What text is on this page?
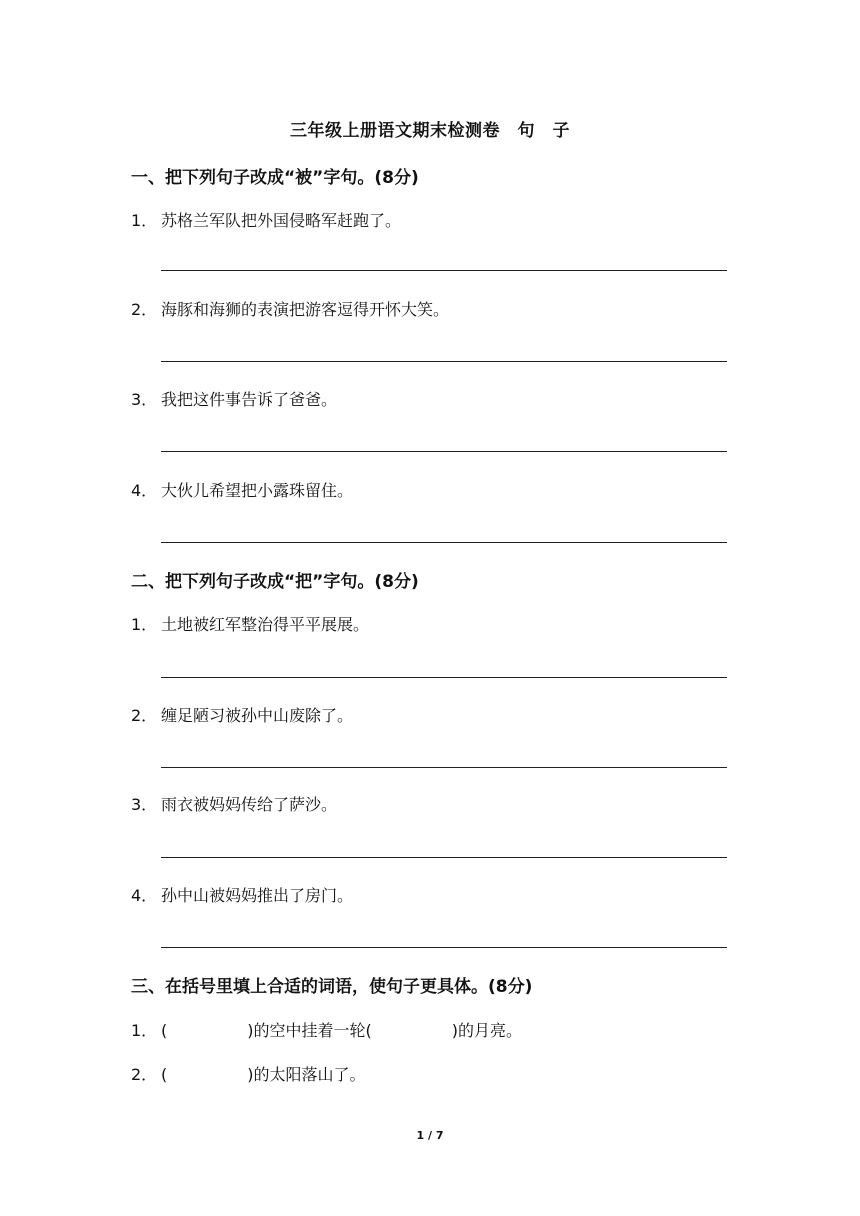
三年级上册语文期末检测卷　句　子
一、把下列句子改成“被”字句。(8分)
1． 苏格兰军队把外国侵略军赶跑了。
2． 海豚和海狮的表演把游客逗得开怀大笑。
3． 我把这件事告诉了爸爸。
4． 大伙儿希望把小露珠留住。
二、把下列句子改成“把”字句。(8分)
1． 土地被红军整治得平平展展。
2． 缠足陋习被孙中山废除了。
3． 雨衣被妈妈传给了萨沙。
4． 孙中山被妈妈推出了房门。
三、在括号里填上合适的词语，使句子更具体。(8分)
1． (	)的空中挂着一轮(	)的月亮。
2． (	)的太阳落山了。
1 / 7
